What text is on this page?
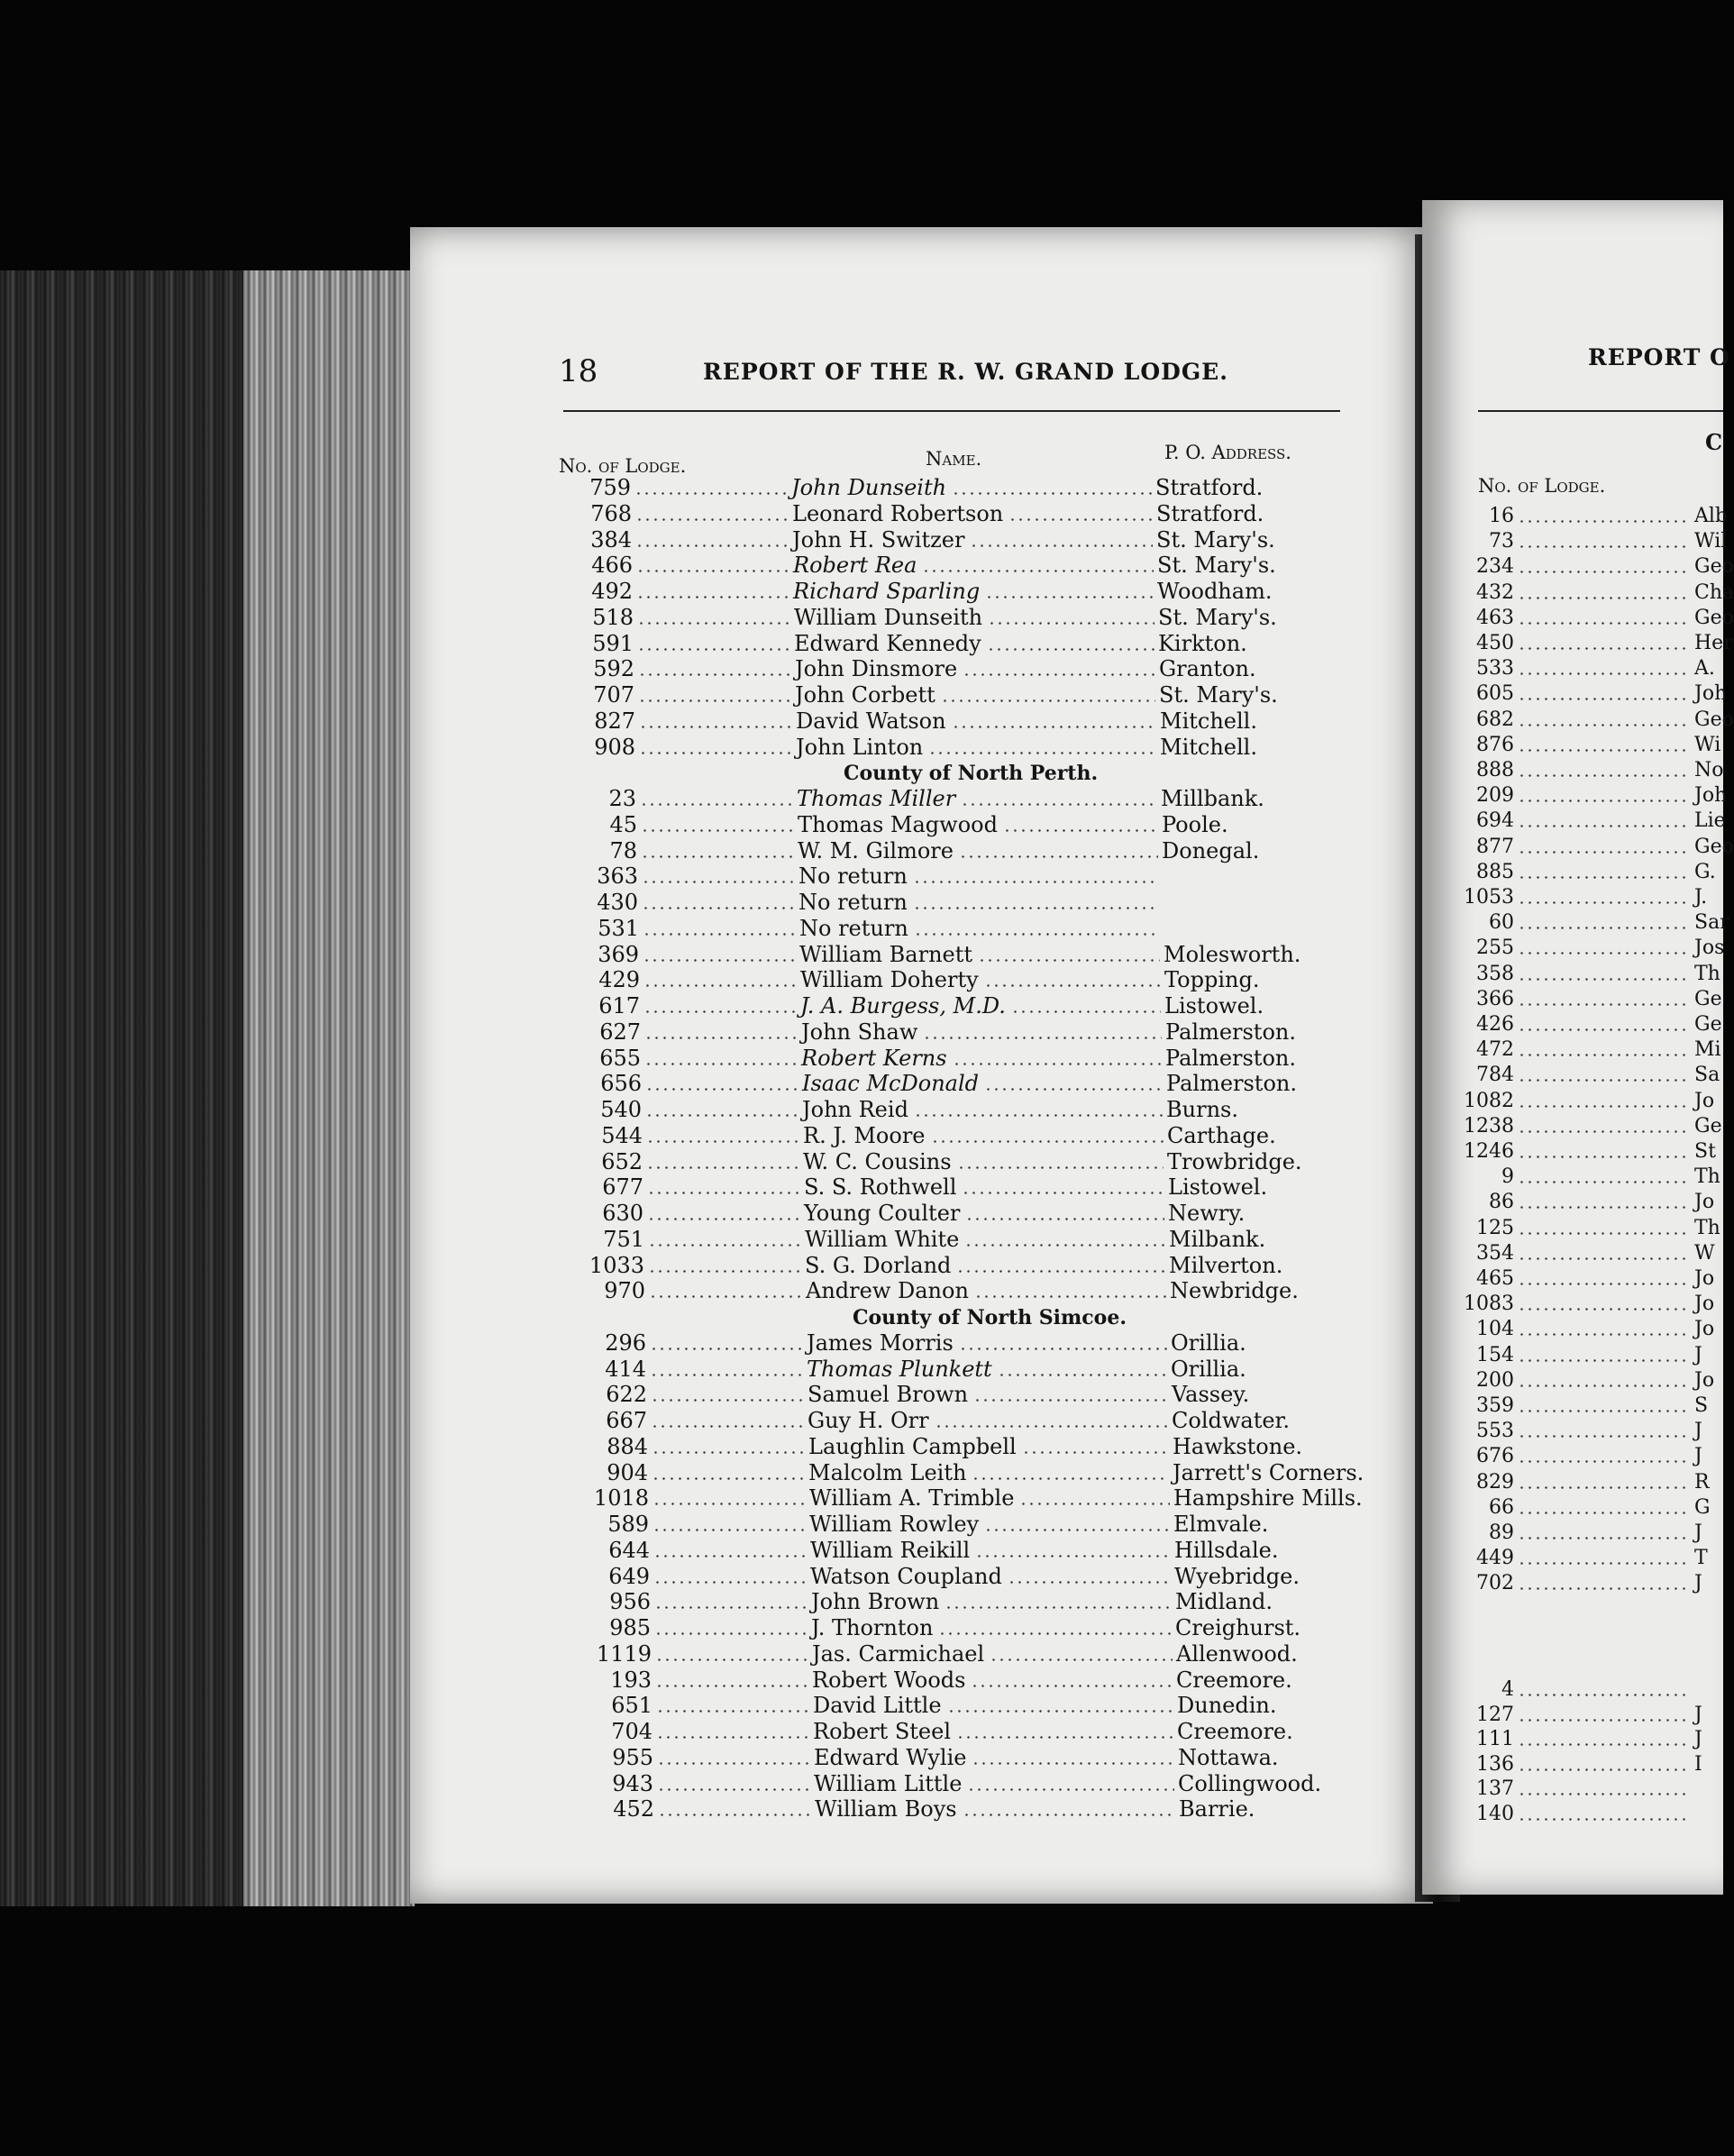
18	REPORT OF THE R. W. GRAND LODGE.
No. of Lodge.	Name.	P. O. Address.
759	John Dunseith	Stratford.
768	Leonard Robertson	Stratford.
384	John H. Switzer	St. Mary's.
466	Robert Rea	St. Mary's.
492	Richard Sparling	Woodham.
518	William Dunseith	St. Mary's.
591	Edward Kennedy	Kirkton.
592	John Dinsmore	Granton.
707	John Corbett	St. Mary's.
827	David Watson	Mitchell.
908	John Linton	Mitchell.
County of North Perth.
23	Thomas Miller	Millbank.
45	Thomas Magwood	Poole.
78	W. M. Gilmore	Donegal.
363	No return
430	No return
531	No return
369	William Barnett	Molesworth.
429	William Doherty	Topping.
617	J. A. Burgess, M.D.	Listowel.
627	John Shaw	Palmerston.
655	Robert Kerns	Palmerston.
656	Isaac McDonald	Palmerston.
540	John Reid	Burns.
544	R. J. Moore	Carthage.
652	W. C. Cousins	Trowbridge.
677	S. S. Rothwell	Listowel.
630	Young Coulter	Newry.
751	William White	Milbank.
1033	S. G. Dorland	Milverton.
970	Andrew Danon	Newbridge.
County of North Simcoe.
296	James Morris	Orillia.
414	Thomas Plunkett	Orillia.
622	Samuel Brown	Vassey.
667	Guy H. Orr	Coldwater.
884	Laughlin Campbell	Hawkstone.
904	Malcolm Leith	Jarrett's Corners.
1018	William A. Trimble	Hampshire Mills.
589	William Rowley	Elmvale.
644	William Reikill	Hillsdale.
649	Watson Coupland	Wyebridge.
956	John Brown	Midland.
985	J. Thornton	Creighurst.
1119	Jas. Carmichael	Allenwood.
193	Robert Woods	Creemore.
651	David Little	Dunedin.
704	Robert Steel	Creemore.
955	Edward Wylie	Nottawa.
943	William Little	Collingwood.
452	William Boys	Barrie.
REPORT O
C
No. of Lodge.
16	Alb
73	Wil
234	Geo
432	Cha
463	Geo
450	Her
533	A.
605	Joh
682	Geo
876	Wi
888	No
209	Joh
694	Lie
877	Geo
885	G.
1053	J.
60	Sar
255	Jos
358	Th
366	Ge
426	Ge
472	Mi
784	Sa
1082	Jo
1238	Ge
1246	St
9	Th
86	Jo
125	Th
354	W
465	Jo
1083	Jo
104	Jo
154	J
200	Jo
359	S
553	J
676	J
829	R
66	G
89	J
449	T
702	J
4
127	J
111	J
136	I
137
140
